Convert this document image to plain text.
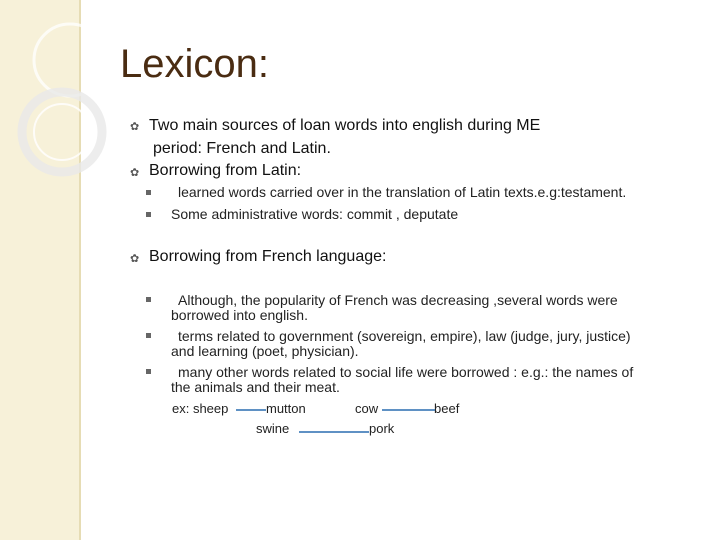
Lexicon:
✿ Two main sources of loan words into english during ME
period: French and Latin.
✿ Borrowing from Latin:
learned words carried over in the translation of Latin texts.e.g:testament.
Some administrative words: commit , deputate
✿ Borrowing from French language:
Although, the popularity of French was decreasing ,several words were
borrowed into english.
terms related to government (sovereign, empire), law (judge, jury, justice)
and learning (poet, physician).
many other words related to social life were borrowed : e.g.: the names of
the animals and their meat.
ex: sheep	mutton	cow	beef
swine	pork
